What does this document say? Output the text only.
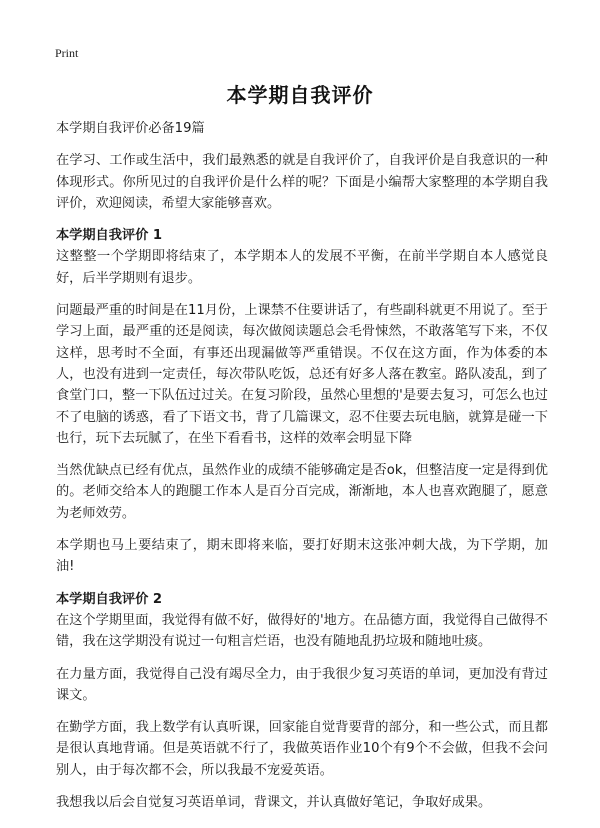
Print
本学期自我评价

本学期自我评价必备19篇

在学习、工作或生活中，我们最熟悉的就是自我评价了，自我评价是自我意识的一种体现形式。你所见过的自我评价是什么样的呢？下面是小编帮大家整理的本学期自我评价，欢迎阅读，希望大家能够喜欢。

本学期自我评价 1

这整整一个学期即将结束了，本学期本人的发展不平衡，在前半学期自本人感觉良好，后半学期则有退步。

问题最严重的时间是在11月份，上课禁不住要讲话了，有些副科就更不用说了。至于学习上面，最严重的还是阅读，每次做阅读题总会毛骨悚然，不敢落笔写下来，不仅这样，思考时不全面，有事还出现漏做等严重错误。不仅在这方面，作为体委的本人，也没有进到一定责任，每次带队吃饭，总还有好多人落在教室。路队凌乱，到了食堂门口，整一下队伍过过关。在复习阶段，虽然心里想的'是要去复习，可怎么也过不了电脑的诱惑，看了下语文书，背了几篇课文，忍不住要去玩电脑，就算是碰一下也行，玩下去玩腻了，在坐下看看书，这样的效率会明显下降

当然优缺点已经有优点，虽然作业的成绩不能够确定是否ok，但整洁度一定是得到优的。老师交给本人的跑腿工作本人是百分百完成，渐渐地，本人也喜欢跑腿了，愿意为老师效劳。

本学期也马上要结束了，期末即将来临，要打好期末这张冲刺大战，为下学期，加油!

本学期自我评价 2

在这个学期里面，我觉得有做不好，做得好的'地方。在品德方面，我觉得自己做得不错，我在这学期没有说过一句粗言烂语，也没有随地乱扔垃圾和随地吐痰。

在力量方面，我觉得自己没有竭尽全力，由于我很少复习英语的单词，更加没有背过课文。

在勤学方面，我上数学有认真听课，回家能自觉背要背的部分，和一些公式，而且都是很认真地背诵。但是英语就不行了，我做英语作业10个有9个不会做，但我不会问别人，由于每次都不会，所以我最不宠爱英语。

我想我以后会自觉复习英语单词，背课文，并认真做好笔记，争取好成果。
